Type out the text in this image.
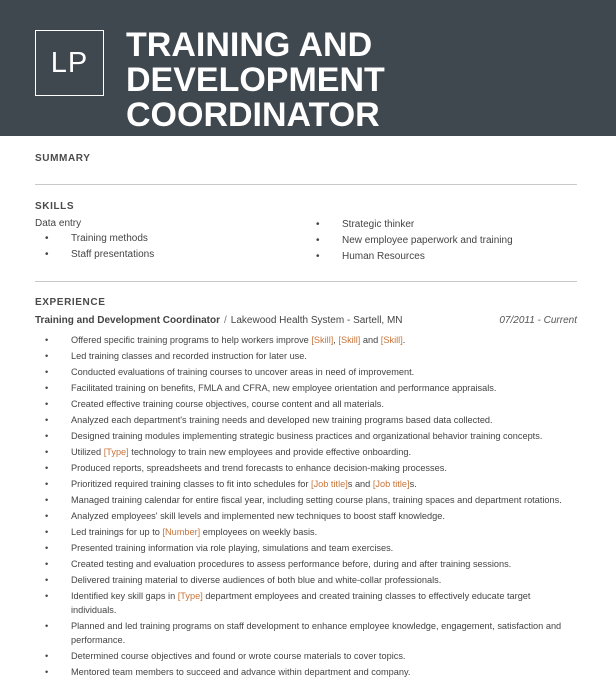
LP	TRAINING AND
DEVELOPMENT
COORDINATOR
SUMMARY
SKILLS
Data entry
• Training methods
• Staff presentations
• Strategic thinker
• New employee paperwork and training
• Human Resources
EXPERIENCE
Training and Development Coordinator / Lakewood Health System - Sartell, MN	07/2011 - Current
• Offered specific training programs to help workers improve [Skill], [Skill] and [Skill].
• Led training classes and recorded instruction for later use.
• Conducted evaluations of training courses to uncover areas in need of improvement.
• Facilitated training on benefits, FMLA and CFRA, new employee orientation and performance appraisals.
• Created effective training course objectives, course content and all materials.
• Analyzed each department's training needs and developed new training programs based data collected.
• Designed training modules implementing strategic business practices and organizational behavior training concepts.
• Utilized [Type] technology to train new employees and provide effective onboarding.
• Produced reports, spreadsheets and trend forecasts to enhance decision-making processes.
• Prioritized required training classes to fit into schedules for [Job title]s and [Job title]s.
• Managed training calendar for entire fiscal year, including setting course plans, training spaces and department rotations.
• Analyzed employees' skill levels and implemented new techniques to boost staff knowledge.
• Led trainings for up to [Number] employees on weekly basis.
• Presented training information via role playing, simulations and team exercises.
• Created testing and evaluation procedures to assess performance before, during and after training sessions.
• Delivered training material to diverse audiences of both blue and white-collar professionals.
• Identified key skill gaps in [Type] department employees and created training classes to effectively educate target individuals.
• Planned and led training programs on staff development to enhance employee knowledge, engagement, satisfaction and performance.
• Determined course objectives and found or wrote course materials to cover topics.
• Mentored team members to succeed and advance within department and company.
